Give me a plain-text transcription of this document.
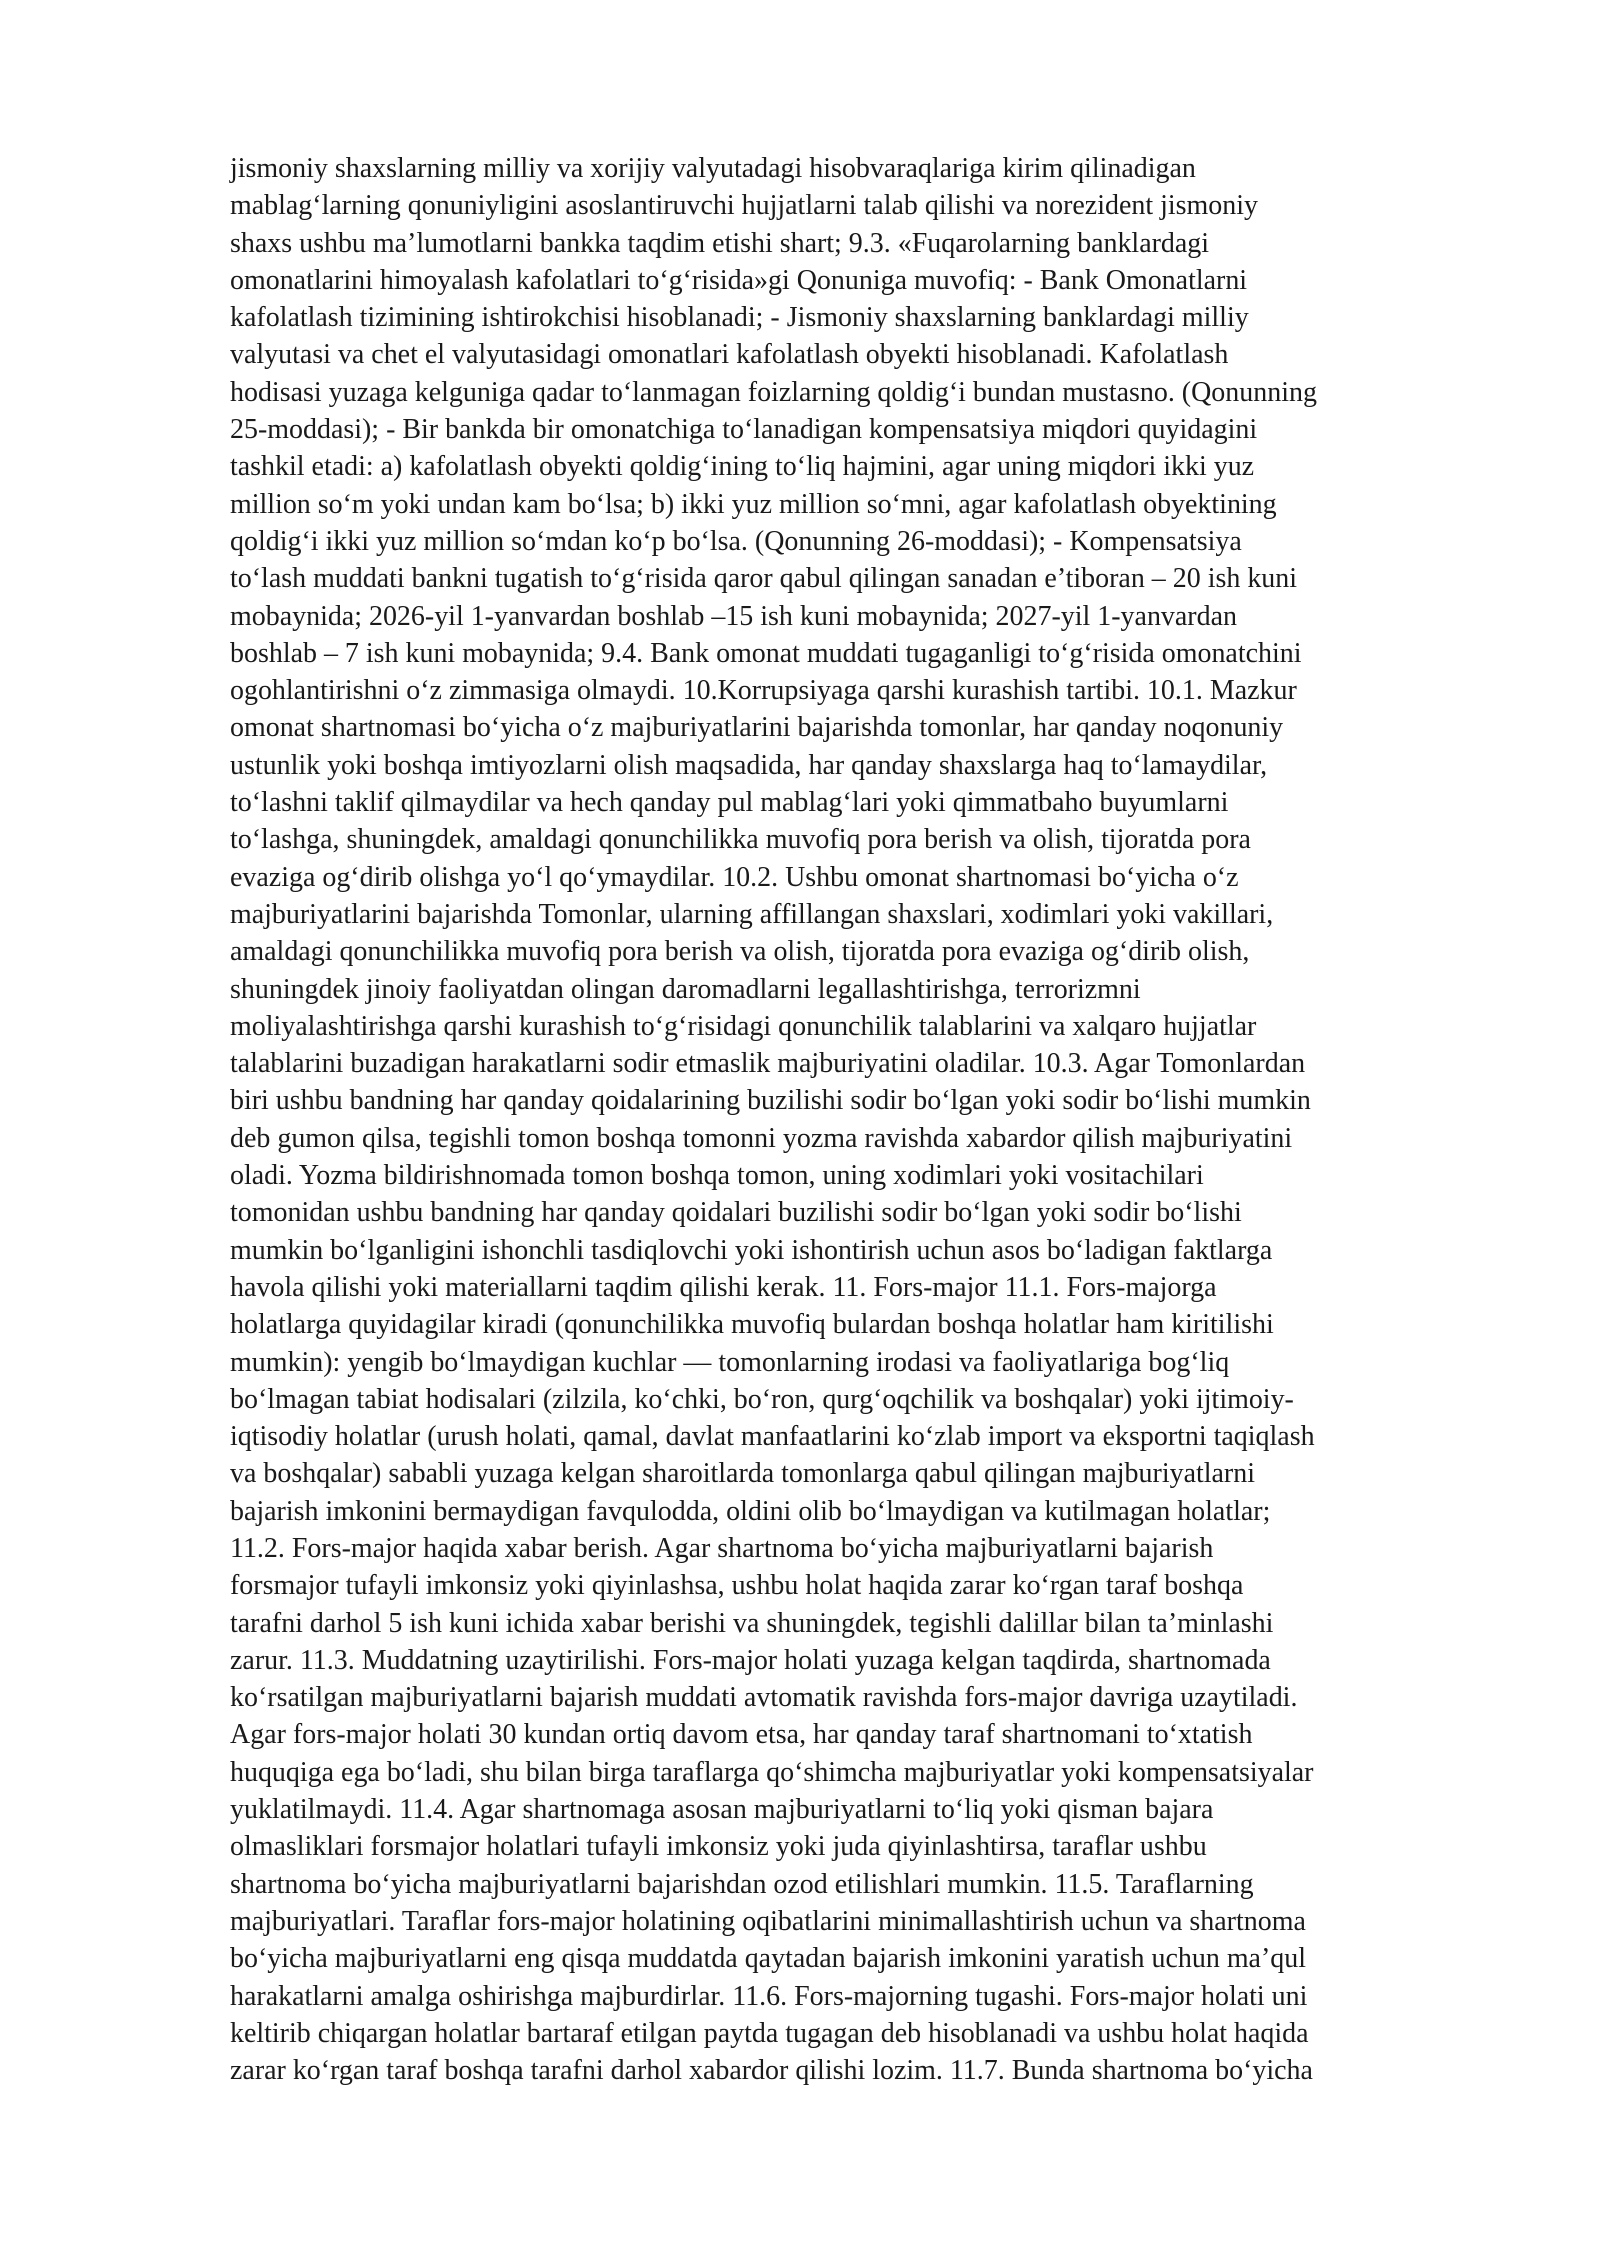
jismoniy shaxslarning milliy va xorijiy valyutadagi hisobvaraqlariga kirim qilinadigan
mablag‘larning qonuniyligini asoslantiruvchi hujjatlarni talab qilishi va norezident jismoniy
shaxs ushbu ma’lumotlarni bankka taqdim etishi shart; 9.3. «Fuqarolarning banklardagi
omonatlarini himoyalash kafolatlari to‘g‘risida»gi Qonuniga muvofiq: - Bank Omonatlarni
kafolatlash tizimining ishtirokchisi hisoblanadi; - Jismoniy shaxslarning banklardagi milliy
valyutasi va chet el valyutasidagi omonatlari kafolatlash obyekti hisoblanadi. Kafolatlash
hodisasi yuzaga kelguniga qadar to‘lanmagan foizlarning qoldig‘i bundan mustasno. (Qonunning
25-moddasi); - Bir bankda bir omonatchiga to‘lanadigan kompensatsiya miqdori quyidagini
tashkil etadi: a) kafolatlash obyekti qoldig‘ining to‘liq hajmini, agar uning miqdori ikki yuz
million so‘m yoki undan kam bo‘lsa; b) ikki yuz million so‘mni, agar kafolatlash obyektining
qoldig‘i ikki yuz million so‘mdan ko‘p bo‘lsa. (Qonunning 26-moddasi); - Kompensatsiya
to‘lash muddati bankni tugatish to‘g‘risida qaror qabul qilingan sanadan e’tiboran – 20 ish kuni
mobaynida; 2026-yil 1-yanvardan boshlab –15 ish kuni mobaynida; 2027-yil 1-yanvardan
boshlab – 7 ish kuni mobaynida; 9.4. Bank omonat muddati tugaganligi to‘g‘risida omonatchini
ogohlantirishni o‘z zimmasiga olmaydi. 10.Korrupsiyaga qarshi kurashish tartibi. 10.1. Mazkur
omonat shartnomasi bo‘yicha o‘z majburiyatlarini bajarishda tomonlar, har qanday noqonuniy
ustunlik yoki boshqa imtiyozlarni olish maqsadida, har qanday shaxslarga haq to‘lamaydilar,
to‘lashni taklif qilmaydilar va hech qanday pul mablag‘lari yoki qimmatbaho buyumlarni
to‘lashga, shuningdek, amaldagi qonunchilikka muvofiq pora berish va olish, tijoratda pora
evaziga og‘dirib olishga yo‘l qo‘ymaydilar. 10.2. Ushbu omonat shartnomasi bo‘yicha o‘z
majburiyatlarini bajarishda Tomonlar, ularning affillangan shaxslari, xodimlari yoki vakillari,
amaldagi qonunchilikka muvofiq pora berish va olish, tijoratda pora evaziga og‘dirib olish,
shuningdek jinoiy faoliyatdan olingan daromadlarni legallashtirishga, terrorizmni
moliyalashtirishga qarshi kurashish to‘g‘risidagi qonunchilik talablarini va xalqaro hujjatlar
talablarini buzadigan harakatlarni sodir etmaslik majburiyatini oladilar. 10.3. Agar Tomonlardan
biri ushbu bandning har qanday qoidalarining buzilishi sodir bo‘lgan yoki sodir bo‘lishi mumkin
deb gumon qilsa, tegishli tomon boshqa tomonni yozma ravishda xabardor qilish majburiyatini
oladi. Yozma bildirishnomada tomon boshqa tomon, uning xodimlari yoki vositachilari
tomonidan ushbu bandning har qanday qoidalari buzilishi sodir bo‘lgan yoki sodir bo‘lishi
mumkin bo‘lganligini ishonchli tasdiqlovchi yoki ishontirish uchun asos bo‘ladigan faktlarga
havola qilishi yoki materiallarni taqdim qilishi kerak. 11. Fors-major 11.1. Fors-majorga
holatlarga quyidagilar kiradi (qonunchilikka muvofiq bulardan boshqa holatlar ham kiritilishi
mumkin): yengib bo‘lmaydigan kuchlar — tomonlarning irodasi va faoliyatlariga bog‘liq
bo‘lmagan tabiat hodisalari (zilzila, ko‘chki, bo‘ron, qurg‘oqchilik va boshqalar) yoki ijtimoiy-
iqtisodiy holatlar (urush holati, qamal, davlat manfaatlarini ko‘zlab import va eksportni taqiqlash
va boshqalar) sababli yuzaga kelgan sharoitlarda tomonlarga qabul qilingan majburiyatlarni
bajarish imkonini bermaydigan favqulodda, oldini olib bo‘lmaydigan va kutilmagan holatlar;
11.2. Fors-major haqida xabar berish. Agar shartnoma bo‘yicha majburiyatlarni bajarish
forsmajor tufayli imkonsiz yoki qiyinlashsa, ushbu holat haqida zarar ko‘rgan taraf boshqa
tarafni darhol 5 ish kuni ichida xabar berishi va shuningdek, tegishli dalillar bilan ta’minlashi
zarur. 11.3. Muddatning uzaytirilishi. Fors-major holati yuzaga kelgan taqdirda, shartnomada
ko‘rsatilgan majburiyatlarni bajarish muddati avtomatik ravishda fors-major davriga uzaytiladi.
Agar fors-major holati 30 kundan ortiq davom etsa, har qanday taraf shartnomani to‘xtatish
huquqiga ega bo‘ladi, shu bilan birga taraflarga qo‘shimcha majburiyatlar yoki kompensatsiyalar
yuklatilmaydi. 11.4. Agar shartnomaga asosan majburiyatlarni to‘liq yoki qisman bajara
olmasliklari forsmajor holatlari tufayli imkonsiz yoki juda qiyinlashtirsa, taraflar ushbu
shartnoma bo‘yicha majburiyatlarni bajarishdan ozod etilishlari mumkin. 11.5. Taraflarning
majburiyatlari. Taraflar fors-major holatining oqibatlarini minimallashtirish uchun va shartnoma
bo‘yicha majburiyatlarni eng qisqa muddatda qaytadan bajarish imkonini yaratish uchun ma’qul
harakatlarni amalga oshirishga majburdirlar. 11.6. Fors-majorning tugashi. Fors-major holati uni
keltirib chiqargan holatlar bartaraf etilgan paytda tugagan deb hisoblanadi va ushbu holat haqida
zarar ko‘rgan taraf boshqa tarafni darhol xabardor qilishi lozim. 11.7. Bunda shartnoma bo‘yicha
